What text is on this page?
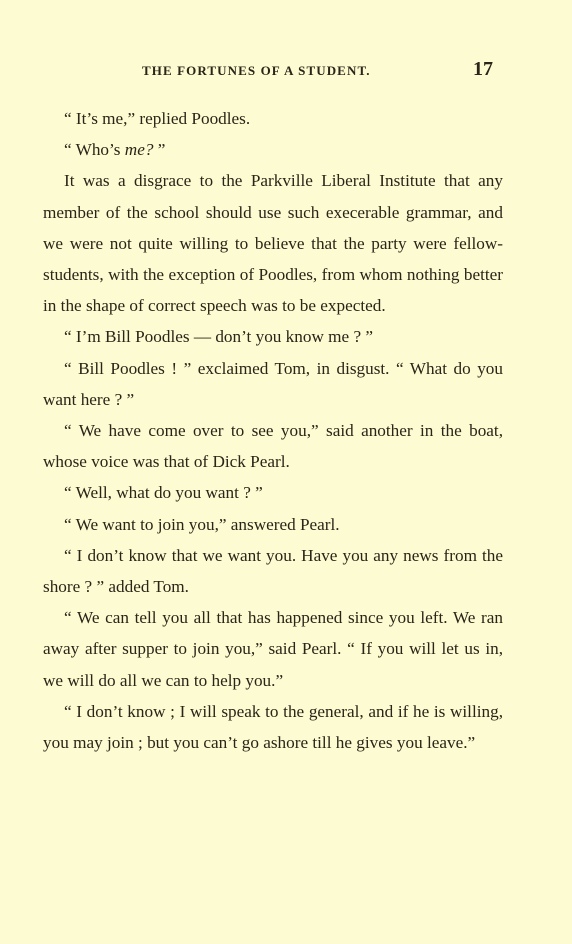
THE FORTUNES OF A STUDENT.	17

“ It’s me,” replied Poodles.

“ Who’s me? ”

It was a disgrace to the Parkville Liberal Institute that any member of the school should use such execerable grammar, and we were not quite willing to believe that the party were fellow-students, with the exception of Poodles, from whom nothing better in the shape of correct speech was to be expected.

“ I’m Bill Poodles — don’t you know me ? ”

“ Bill Poodles ! ” exclaimed Tom, in disgust. “ What do you want here ? ”

“ We have come over to see you,” said another in the boat, whose voice was that of Dick Pearl.

“ Well, what do you want ? ”

“ We want to join you,” answered Pearl.

“ I don’t know that we want you. Have you any news from the shore ? ” added Tom.

“ We can tell you all that has happened since you left. We ran away after supper to join you,” said Pearl. “ If you will let us in, we will do all we can to help you.”

“ I don’t know ; I will speak to the general, and if he is willing, you may join ; but you can’t go ashore till he gives you leave.”
